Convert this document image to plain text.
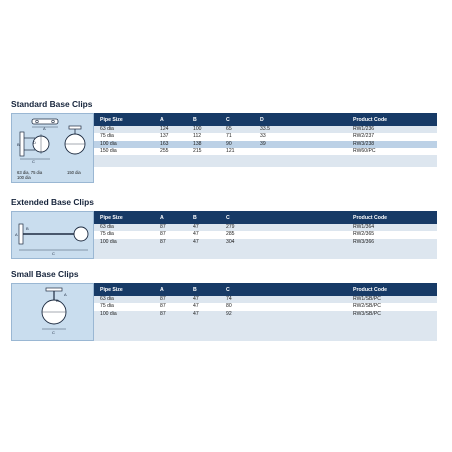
Standard Base Clips
A
B	D
C
63 dia, 75 dia
100 dia
150 dia
Pipe Size	A	B	C	D	Product Code
63 dia	124	100	65	33.5	RW1/236
75 dia	137	112	71	33	RW2/237
100 dia	163	138	90	39	RW3/238
150 dia	255	215	121		RW60/PC
Extended Base Clips
C
A
B
Pipe Size	A	B	C		Product Code
63 dia	87	47	279		RW1/364
75 dia	87	47	285		RW2/365
100 dia	87	47	304		RW3/366
Small Base Clips
C
A
B
Pipe Size	A	B	C		Product Code
63 dia	87	47	74		RW1/SB/PC
75 dia	87	47	80		RW2/SB/PC
100 dia	87	47	92		RW3/SB/PC
